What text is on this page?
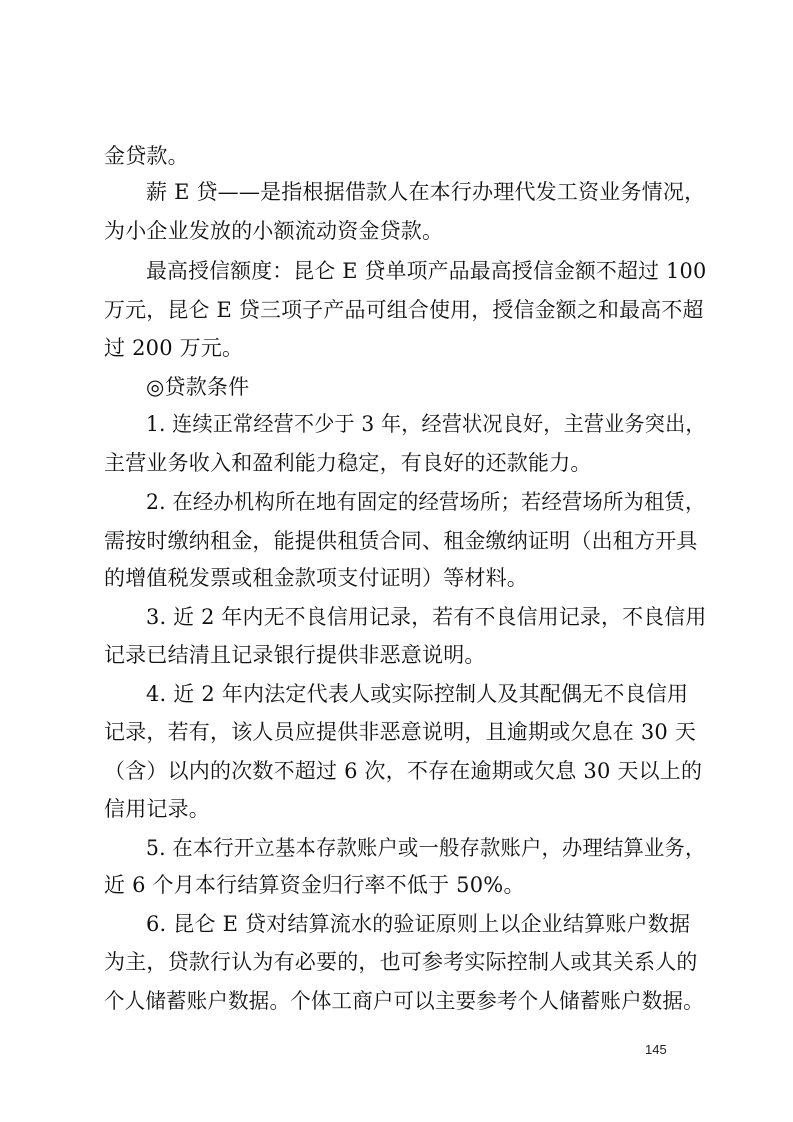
金贷款。
薪 E 贷——是指根据借款人在本行办理代发工资业务情况，
为小企业发放的小额流动资金贷款。
最高授信额度：昆仑 E 贷单项产品最高授信金额不超过 100
万元，昆仑 E 贷三项子产品可组合使用，授信金额之和最高不超
过 200 万元。
◎贷款条件
1. 连续正常经营不少于 3 年，经营状况良好，主营业务突出，
主营业务收入和盈利能力稳定，有良好的还款能力。
2. 在经办机构所在地有固定的经营场所；若经营场所为租赁，
需按时缴纳租金，能提供租赁合同、租金缴纳证明（出租方开具
的增值税发票或租金款项支付证明）等材料。
3. 近 2 年内无不良信用记录，若有不良信用记录，不良信用
记录已结清且记录银行提供非恶意说明。
4. 近 2 年内法定代表人或实际控制人及其配偶无不良信用
记录，若有，该人员应提供非恶意说明，且逾期或欠息在 30 天
（含）以内的次数不超过 6 次，不存在逾期或欠息 30 天以上的
信用记录。
5. 在本行开立基本存款账户或一般存款账户，办理结算业务，
近 6 个月本行结算资金归行率不低于 50%。
6. 昆仑 E 贷对结算流水的验证原则上以企业结算账户数据
为主，贷款行认为有必要的，也可参考实际控制人或其关系人的
个人储蓄账户数据。个体工商户可以主要参考个人储蓄账户数据。
145
